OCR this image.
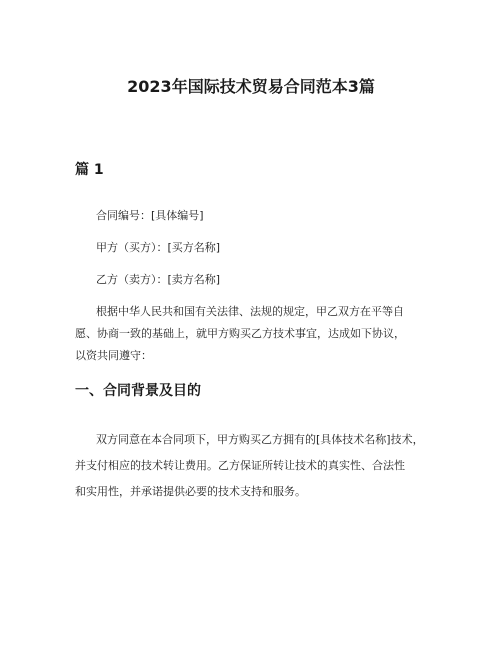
2023年国际技术贸易合同范本3篇
篇 1
合同编号：[具体编号]
甲方（买方）：[买方名称]
乙方（卖方）：[卖方名称]
根据中华人民共和国有关法律、法规的规定，甲乙双方在平等自
愿、协商一致的基础上，就甲方购买乙方技术事宜，达成如下协议，
以资共同遵守：
一、合同背景及目的
双方同意在本合同项下，甲方购买乙方拥有的[具体技术名称]技术，
并支付相应的技术转让费用。乙方保证所转让技术的真实性、合法性
和实用性，并承诺提供必要的技术支持和服务。
